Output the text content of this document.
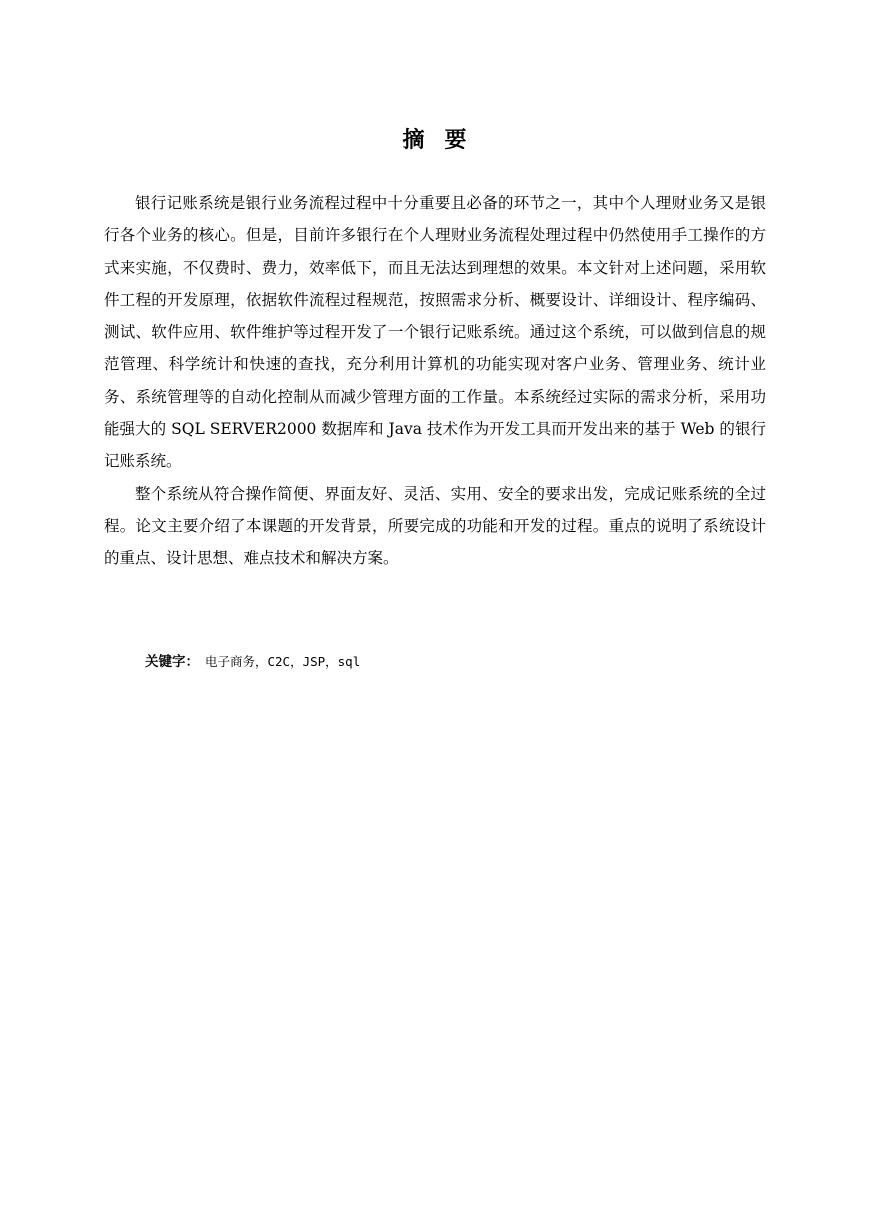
摘要

银行记账系统是银行业务流程过程中十分重要且必备的环节之一，其中个人理财业务又是银行各个业务的核心。但是，目前许多银行在个人理财业务流程处理过程中仍然使用手工操作的方式来实施，不仅费时、费力，效率低下，而且无法达到理想的效果。本文针对上述问题，采用软件工程的开发原理，依据软件流程过程规范，按照需求分析、概要设计、详细设计、程序编码、测试、软件应用、软件维护等过程开发了一个银行记账系统。通过这个系统，可以做到信息的规范管理、科学统计和快速的查找，充分利用计算机的功能实现对客户业务、管理业务、统计业务、系统管理等的自动化控制从而减少管理方面的工作量。本系统经过实际的需求分析，采用功能强大的 SQL SERVER2000 数据库和 Java 技术作为开发工具而开发出来的基于 Web 的银行记账系统。

整个系统从符合操作简便、界面友好、灵活、实用、安全的要求出发，完成记账系统的全过程。论文主要介绍了本课题的开发背景，所要完成的功能和开发的过程。重点的说明了系统设计的重点、设计思想、难点技术和解决方案。

关键字： 电子商务，C2C，JSP，sql
